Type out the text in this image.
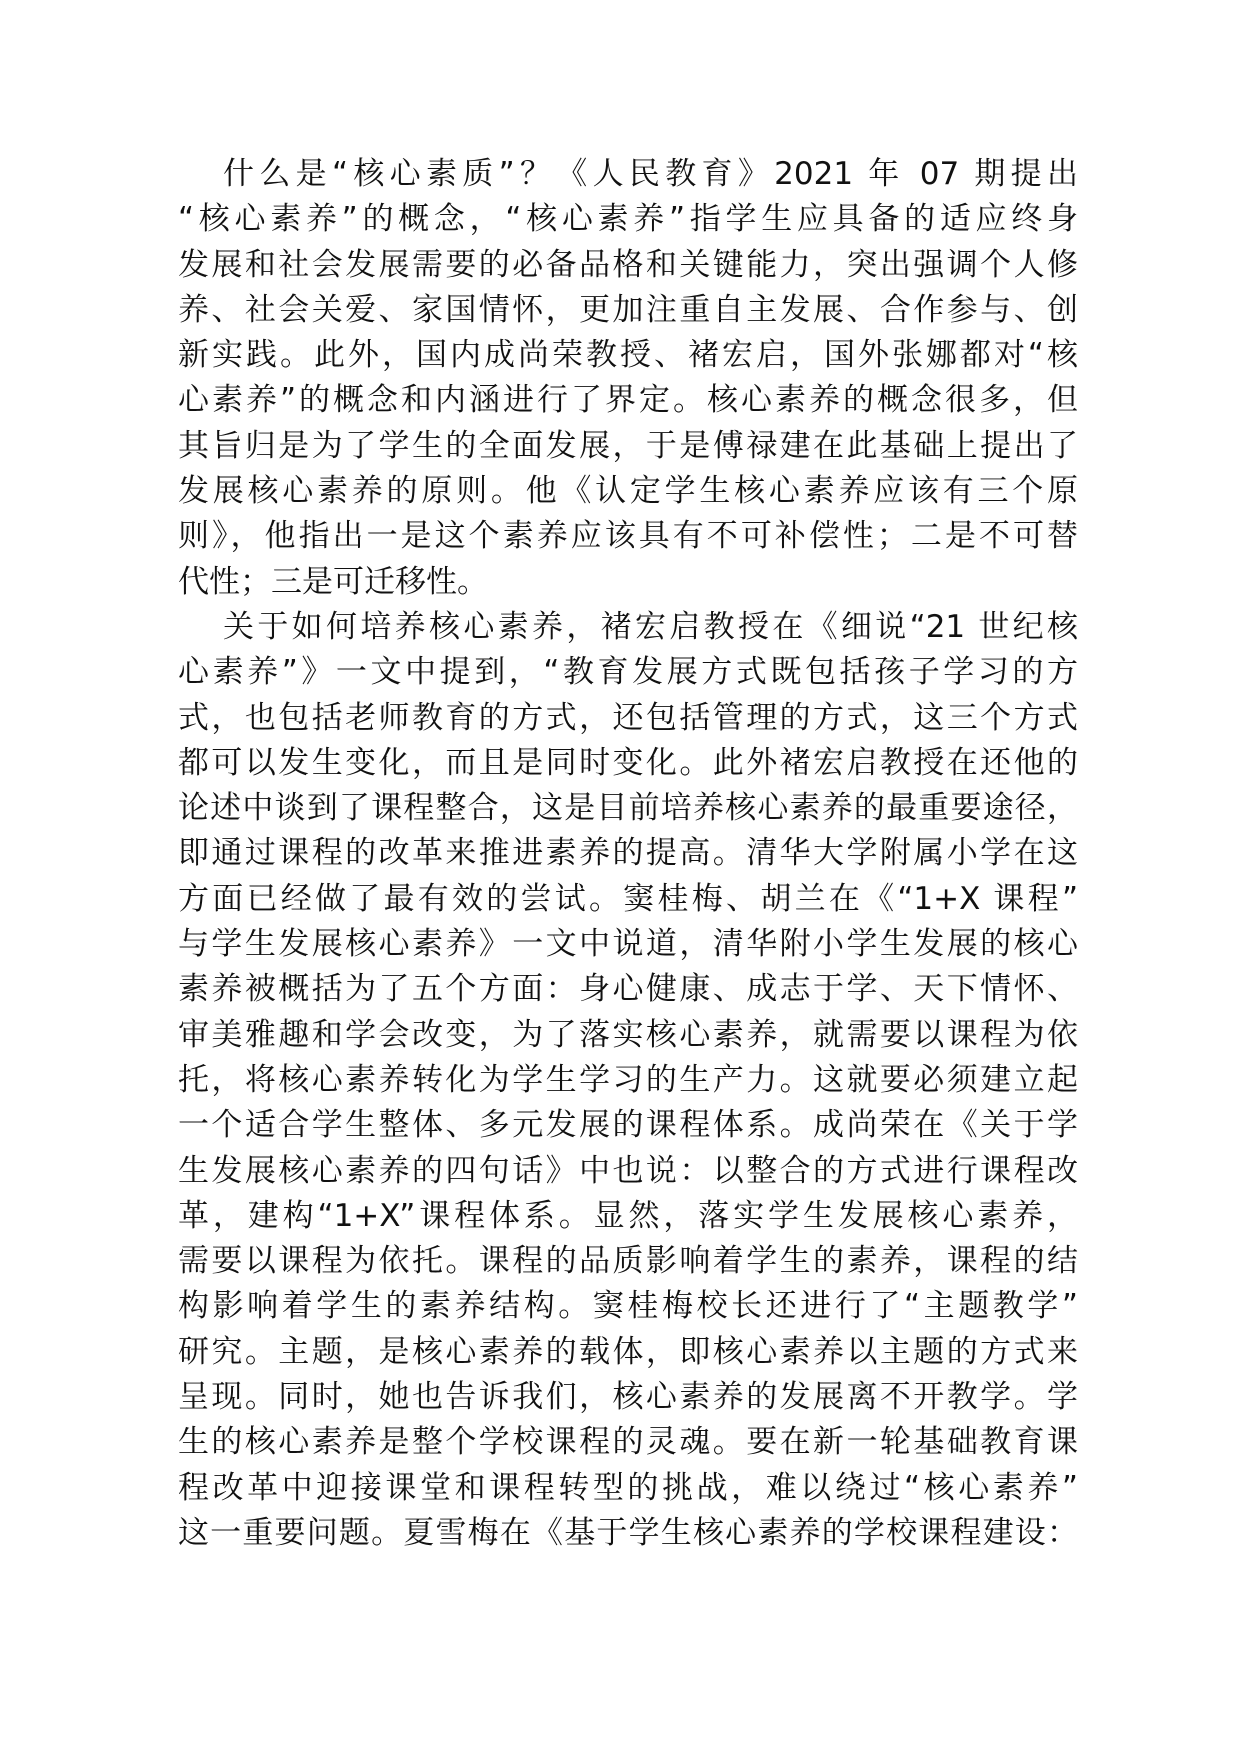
什么是“核心素质”？《人民教育》2021 年 07 期提出
“核心素养”的概念，“核心素养”指学生应具备的适应终身
发展和社会发展需要的必备品格和关键能力，突出强调个人修
养、社会关爱、家国情怀，更加注重自主发展、合作参与、创
新实践。此外，国内成尚荣教授、褚宏启，国外张娜都对“核
心素养”的概念和内涵进行了界定。核心素养的概念很多，但
其旨归是为了学生的全面发展，于是傅禄建在此基础上提出了
发展核心素养的原则。他《认定学生核心素养应该有三个原
则》，他指出一是这个素养应该具有不可补偿性；二是不可替
代性；三是可迁移性。
关于如何培养核心素养，褚宏启教授在《细说“21 世纪核
心素养”》一文中提到，“教育发展方式既包括孩子学习的方
式，也包括老师教育的方式，还包括管理的方式，这三个方式
都可以发生变化，而且是同时变化。此外褚宏启教授在还他的
论述中谈到了课程整合，这是目前培养核心素养的最重要途径，
即通过课程的改革来推进素养的提高。清华大学附属小学在这
方面已经做了最有效的尝试。窦桂梅、胡兰在《“1+X 课程”
与学生发展核心素养》一文中说道，清华附小学生发展的核心
素养被概括为了五个方面：身心健康、成志于学、天下情怀、
审美雅趣和学会改变，为了落实核心素养，就需要以课程为依
托，将核心素养转化为学生学习的生产力。这就要必须建立起
一个适合学生整体、多元发展的课程体系。成尚荣在《关于学
生发展核心素养的四句话》中也说：以整合的方式进行课程改
革，建构“1+X”课程体系。显然，落实学生发展核心素养，
需要以课程为依托。课程的品质影响着学生的素养，课程的结
构影响着学生的素养结构。窦桂梅校长还进行了“主题教学”
研究。主题，是核心素养的载体，即核心素养以主题的方式来
呈现。同时，她也告诉我们，核心素养的发展离不开教学。学
生的核心素养是整个学校课程的灵魂。要在新一轮基础教育课
程改革中迎接课堂和课程转型的挑战，难以绕过“核心素养”
这一重要问题。夏雪梅在《基于学生核心素养的学校课程建设：
